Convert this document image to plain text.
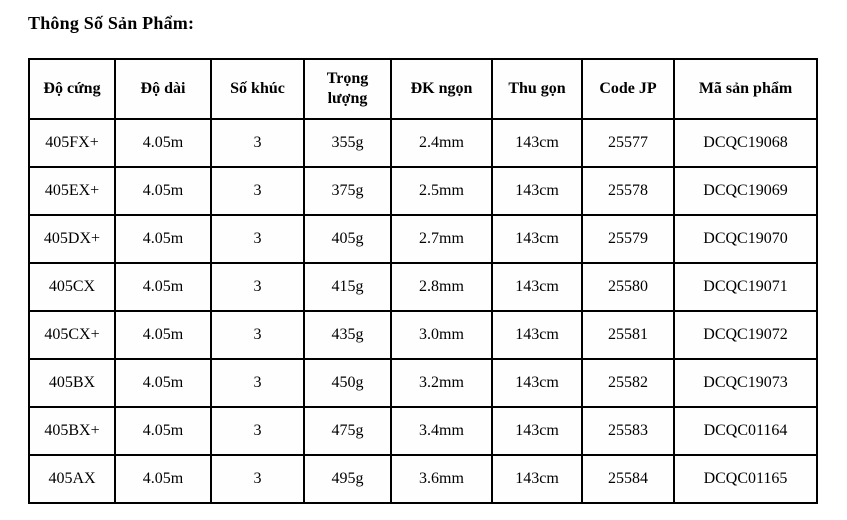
Thông Số Sản Phẩm:
Độ cứng	Độ dài	Số khúc	Trọng lượng	ĐK ngọn	Thu gọn	Code JP	Mã sản phẩm
405FX+	4.05m	3	355g	2.4mm	143cm	25577	DCQC19068
405EX+	4.05m	3	375g	2.5mm	143cm	25578	DCQC19069
405DX+	4.05m	3	405g	2.7mm	143cm	25579	DCQC19070
405CX	4.05m	3	415g	2.8mm	143cm	25580	DCQC19071
405CX+	4.05m	3	435g	3.0mm	143cm	25581	DCQC19072
405BX	4.05m	3	450g	3.2mm	143cm	25582	DCQC19073
405BX+	4.05m	3	475g	3.4mm	143cm	25583	DCQC01164
405AX	4.05m	3	495g	3.6mm	143cm	25584	DCQC01165
